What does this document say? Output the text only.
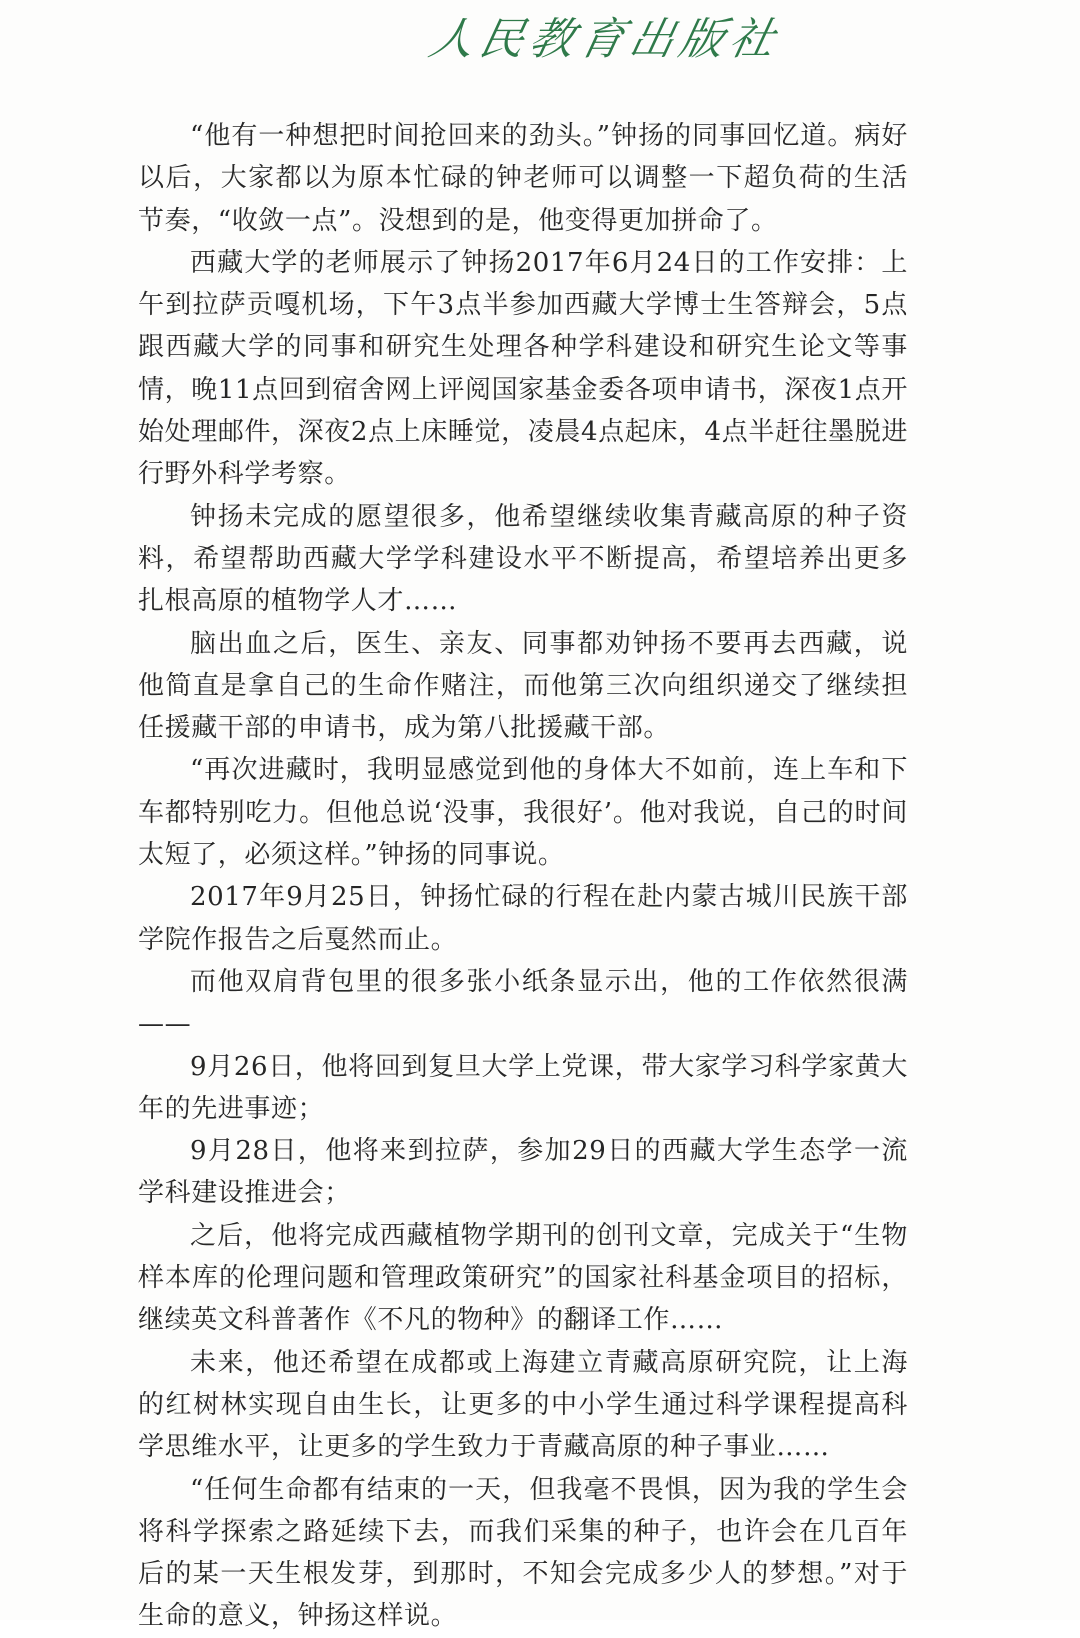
人民教育出版社

“他有一种想把时间抢回来的劲头。”钟扬的同事回忆道。病好以后，大家都以为原本忙碌的钟老师可以调整一下超负荷的生活节奏，“收敛一点”。没想到的是，他变得更加拼命了。

西藏大学的老师展示了钟扬2017年6月24日的工作安排：上午到拉萨贡嘎机场，下午3点半参加西藏大学博士生答辩会，5点跟西藏大学的同事和研究生处理各种学科建设和研究生论文等事情，晚11点回到宿舍网上评阅国家基金委各项申请书，深夜1点开始处理邮件，深夜2点上床睡觉，凌晨4点起床，4点半赶往墨脱进行野外科学考察。

钟扬未完成的愿望很多，他希望继续收集青藏高原的种子资料，希望帮助西藏大学学科建设水平不断提高，希望培养出更多扎根高原的植物学人才……

脑出血之后，医生、亲友、同事都劝钟扬不要再去西藏，说他简直是拿自己的生命作赌注，而他第三次向组织递交了继续担任援藏干部的申请书，成为第八批援藏干部。

“再次进藏时，我明显感觉到他的身体大不如前，连上车和下车都特别吃力。但他总说‘没事，我很好’。他对我说，自己的时间太短了，必须这样。”钟扬的同事说。

2017年9月25日，钟扬忙碌的行程在赴内蒙古城川民族干部学院作报告之后戛然而止。

而他双肩背包里的很多张小纸条显示出，他的工作依然很满——

9月26日，他将回到复旦大学上党课，带大家学习科学家黄大年的先进事迹；

9月28日，他将来到拉萨，参加29日的西藏大学生态学一流学科建设推进会；

之后，他将完成西藏植物学期刊的创刊文章，完成关于“生物样本库的伦理问题和管理政策研究”的国家社科基金项目的招标，继续英文科普著作《不凡的物种》的翻译工作……

未来，他还希望在成都或上海建立青藏高原研究院，让上海的红树林实现自由生长，让更多的中小学生通过科学课程提高科学思维水平，让更多的学生致力于青藏高原的种子事业……

“任何生命都有结束的一天，但我毫不畏惧，因为我的学生会将科学探索之路延续下去，而我们采集的种子，也许会在几百年后的某一天生根发芽，到那时，不知会完成多少人的梦想。”对于生命的意义，钟扬这样说。
